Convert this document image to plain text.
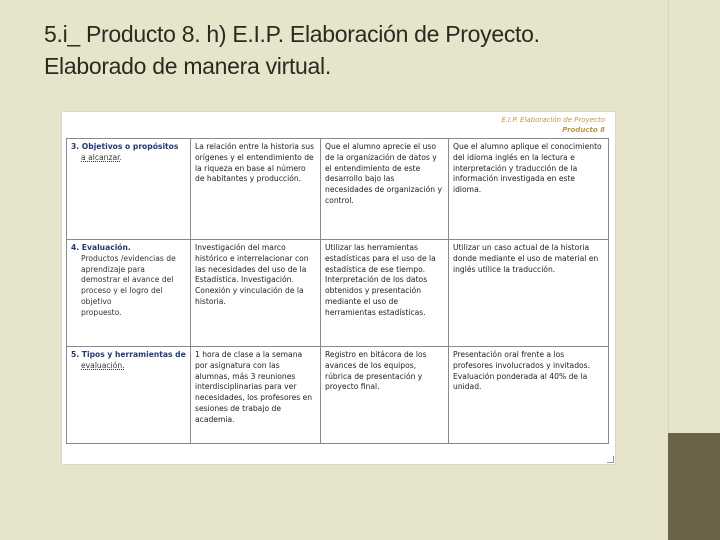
5.i_ Producto 8. h) E.I.P. Elaboración de Proyecto.
Elaborado de manera virtual.
E.I.P. Elaboración de Proyecto
Producto 8
3. Objetivos o propósitos
a alcanzar.	La relación entre la historia sus orígenes y el entendimiento de la riqueza en base al número de habitantes y producción.	Que el alumno aprecie el uso de la organización de datos y el entendimiento de este desarrollo bajo las necesidades de organización y control.	Que el alumno aplique el conocimiento del idioma inglés en la lectura e interpretación y traducción de la información investigada en este idioma.
4. Evaluación.
Productos /evidencias de aprendizaje para demostrar el avance del proceso y el logro del objetivo
propuesto.	Investigación del marco histórico e interrelacionar con las necesidades del uso de la Estadística. Investigación. Conexión y vinculación de la historia.	Utilizar las herramientas estadísticas para el uso de la estadística de ese tiempo. Interpretación de los datos obtenidos y presentación mediante el uso de herramientas estadísticas.	Utilizar un caso actual de la historia donde mediante el uso de material en inglés utilice la traducción.
5. Tipos y herramientas de
evaluación.	1 hora de clase a la semana por asignatura con las alumnas, más 3 reuniones interdisciplinarias para ver necesidades, los profesores en sesiones de trabajo de academia.	Registro en bitácora de los avances de los equipos, rúbrica de presentación y proyecto final.	Presentación oral frente a los profesores involucrados y invitados. Evaluación ponderada al 40% de la unidad.
